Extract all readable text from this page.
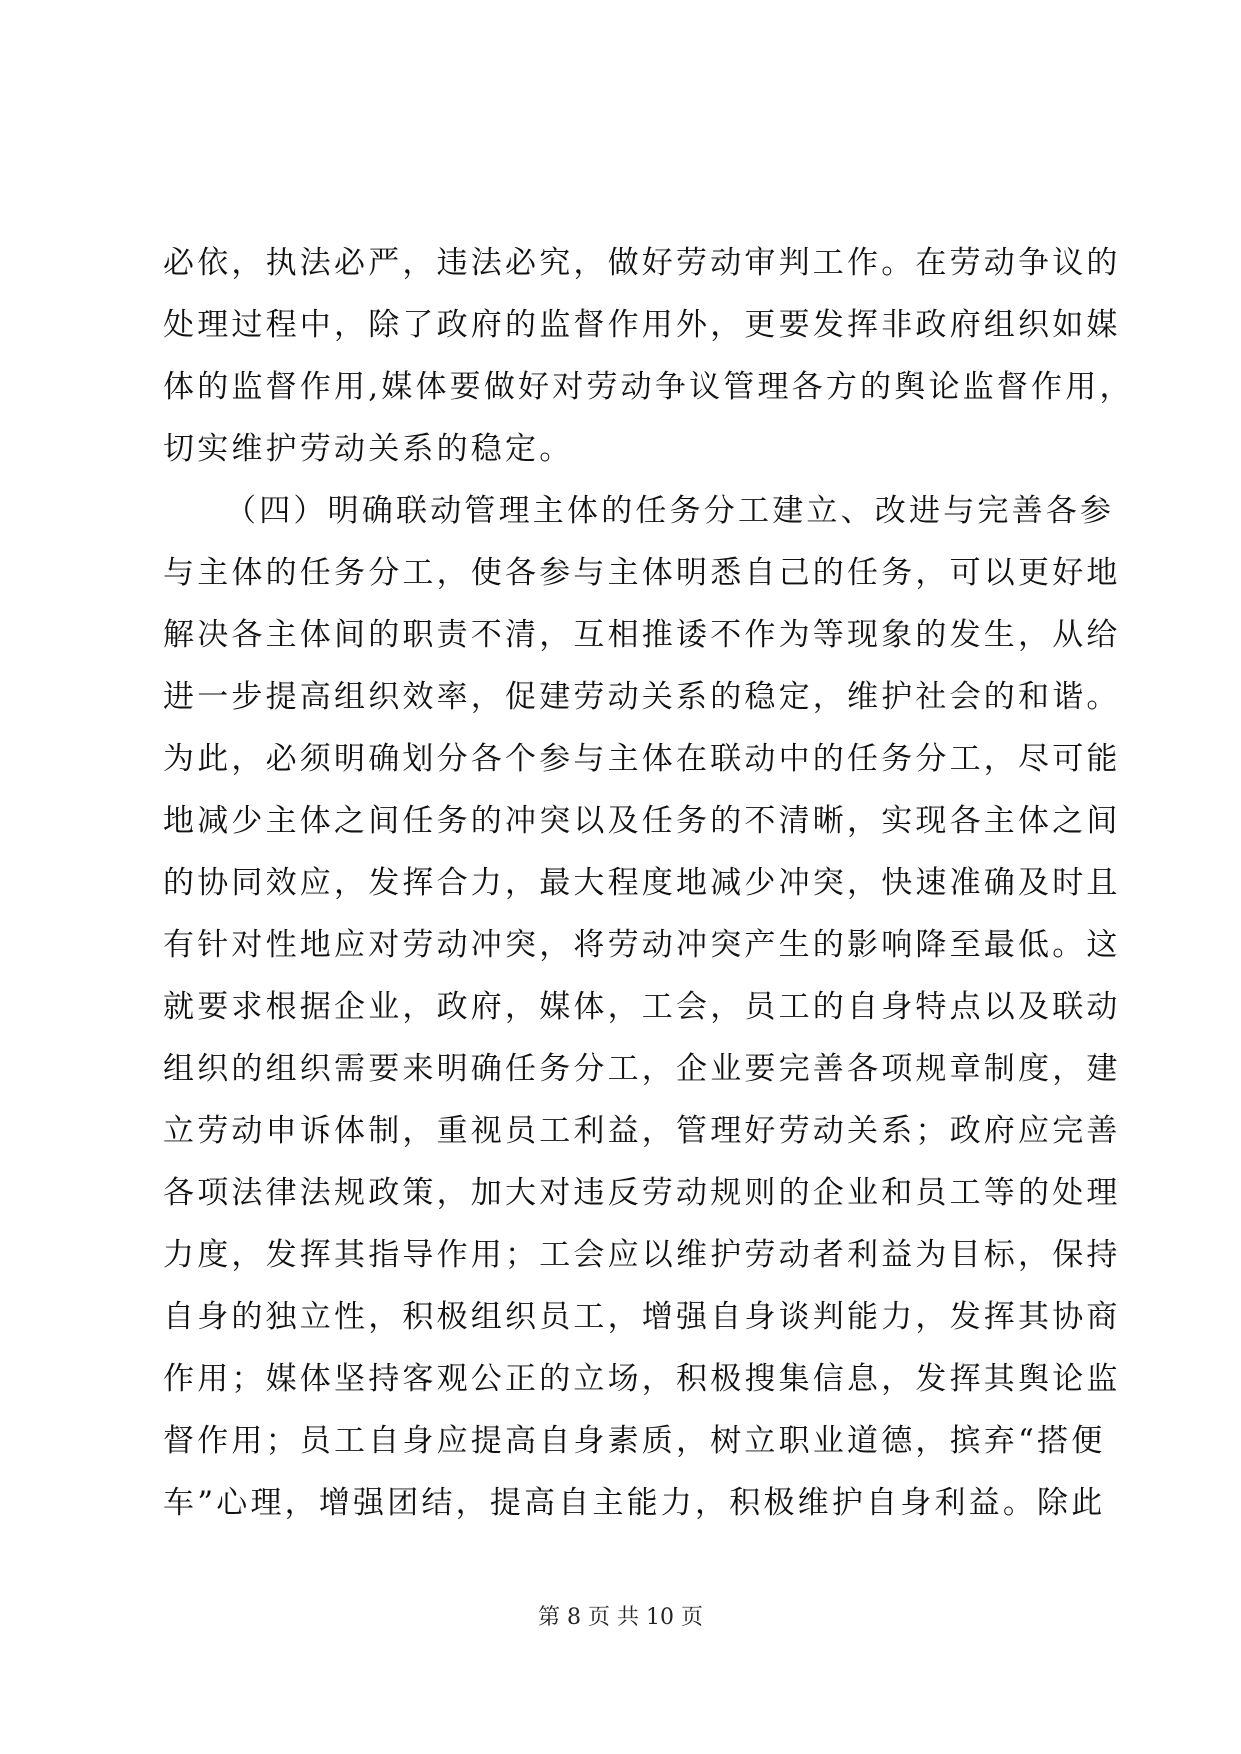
必依，执法必严，违法必究，做好劳动审判工作。在劳动争议的
处理过程中，除了政府的监督作用外，更要发挥非政府组织如媒
体的监督作用,媒体要做好对劳动争议管理各方的舆论监督作用，
切实维护劳动关系的稳定。
（四）明确联动管理主体的任务分工建立、改进与完善各参
与主体的任务分工，使各参与主体明悉自己的任务，可以更好地
解决各主体间的职责不清，互相推诿不作为等现象的发生，从给
进一步提高组织效率，促建劳动关系的稳定，维护社会的和谐。
为此，必须明确划分各个参与主体在联动中的任务分工，尽可能
地减少主体之间任务的冲突以及任务的不清晰，实现各主体之间
的协同效应，发挥合力，最大程度地减少冲突，快速准确及时且
有针对性地应对劳动冲突，将劳动冲突产生的影响降至最低。这
就要求根据企业，政府，媒体，工会，员工的自身特点以及联动
组织的组织需要来明确任务分工，企业要完善各项规章制度，建
立劳动申诉体制，重视员工利益，管理好劳动关系；政府应完善
各项法律法规政策，加大对违反劳动规则的企业和员工等的处理
力度，发挥其指导作用；工会应以维护劳动者利益为目标，保持
自身的独立性，积极组织员工，增强自身谈判能力，发挥其协商
作用；媒体坚持客观公正的立场，积极搜集信息，发挥其舆论监
督作用；员工自身应提高自身素质，树立职业道德，摈弃“搭便
车”心理，增强团结，提高自主能力，积极维护自身利益。除此
第 8 页 共 10 页
